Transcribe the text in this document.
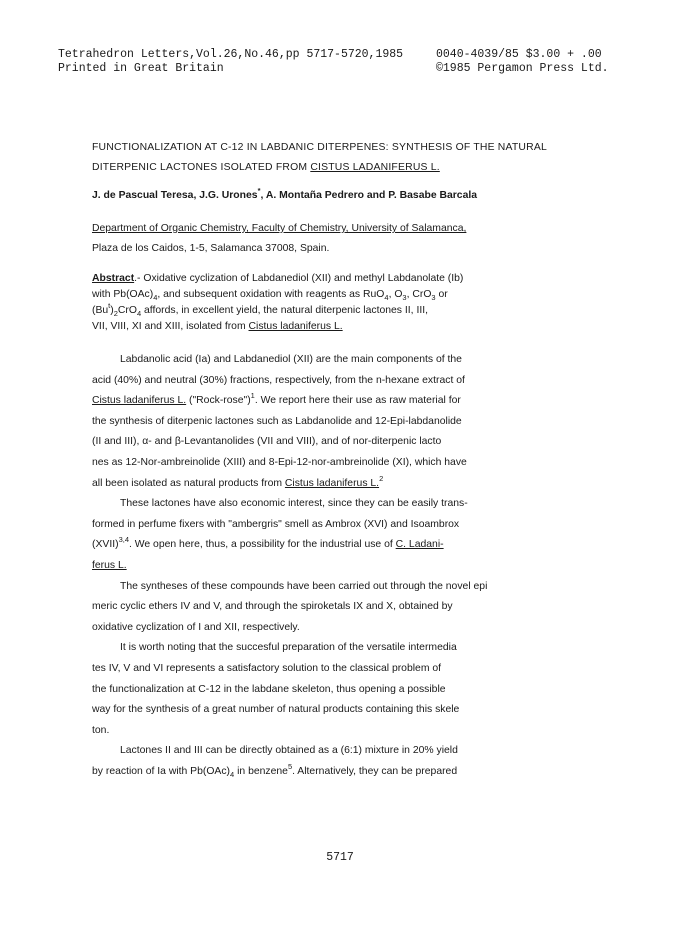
Tetrahedron Letters,Vol.26,No.46,pp 5717-5720,1985
Printed in Great Britain
0040-4039/85 $3.00 + .00
©1985 Pergamon Press Ltd.
FUNCTIONALIZATION AT C-12 IN LABDANIC DITERPENES: SYNTHESIS OF THE NATURAL
DITERPENIC LACTONES ISOLATED FROM CISTUS LADANIFERUS L.
J. de Pascual Teresa, J.G. Urones*, A. Montaña Pedrero and P. Basabe Barcala
Department of Organic Chemistry, Faculty of Chemistry, University of Salamanca,
Plaza de los Caidos, 1-5, Salamanca 37008, Spain.
Abstract.- Oxidative cyclization of Labdanediol (XII) and methyl Labdanolate (Ib)
with $Pb(OAc)_4$, and subsequent oxidation with reagents as RuO$_4$, $O_3$, CrO$_3$ or
$(Bu^t)_2CrO_4$ affords, in excellent yield, the natural diterpenic lactones II, III,
VII, VIII, XI and XIII, isolated from Cistus ladaniferus L.
Labdanolic acid (Ia) and Labdanediol (XII) are the main components of the
acid (40%) and neutral (30%) fractions, respectively, from the n-hexane extract of
Cistus ladaniferus L. ("Rock-rose")$^1$. We report here their use as raw material for
the synthesis of diterpenic lactones such as Labdanolide and 12-Epi-labdanolide
(II and III), α- and β-Levantanolides (VII and VIII), and of nor-diterpenic lacto
nes as 12-Nor-ambreinolide (XIII) and 8-Epi-12-nor-ambreinolide (XI), which have
all been isolated as natural products from Cistus ladaniferus L.$^2$
These lactones have also economic interest, since they can be easily trans-
formed in perfume fixers with "ambergris" smell as Ambrox (XVI) and Isoambrox
(XVII)$^{3,4}$. We open here, thus, a possibility for the industrial use of C. Ladani-
ferus L.
The syntheses of these compounds have been carried out through the novel epi
meric cyclic ethers IV and V, and through the spiroketals IX and X, obtained by
oxidative cyclization of I and XII, respectively.
It is worth noting that the succesful preparation of the versatile intermedia
tes IV, V and VI represents a satisfactory solution to the classical problem of
the functionalization at C-12 in the labdane skeleton, thus opening a possible
way for the synthesis of a great number of natural products containing this skele
ton.
Lactones II and III can be directly obtained as a (6:1) mixture in 20% yield
by reaction of Ia with $Pb(OAc)_4$ in benzene$^5$. Alternatively, they can be prepared
5717
